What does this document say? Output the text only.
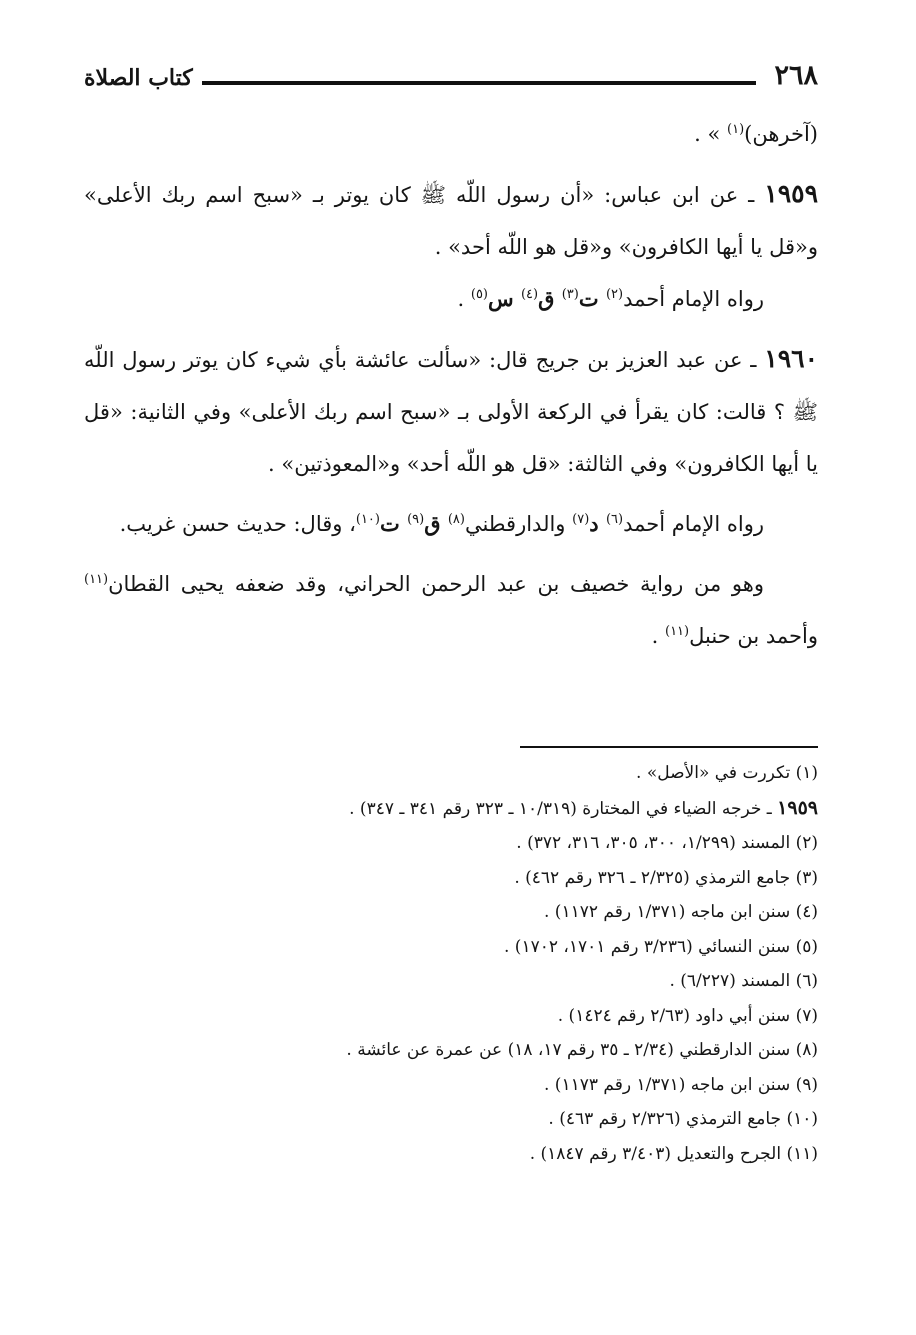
٢٦٨
كتاب الصلاة

(آخرهن)$^{(١)}$ » .

١٩٥٩ ـ عن ابن عباس: «أن رسول اللّه ﷺ كان يوتر بـ «سبح اسم ربك الأعلى» و«قل يا أيها الكافرون» و«قل هو اللّه أحد» .

رواه الإمام أحمد$^{(٢)}$ ت$^{(٣)}$ ق$^{(٤)}$ س$^{(٥)}$ .

١٩٦٠ ـ عن عبد العزيز بن جريج قال: «سألت عائشة بأي شيء كان يوتر رسول اللّه ﷺ ؟ قالت: كان يقرأ في الركعة الأولى بـ «سبح اسم ربك الأعلى» وفي الثانية: «قل يا أيها الكافرون» وفي الثالثة: «قل هو اللّه أحد» و«المعوذتين» .

رواه الإمام أحمد$^{(٦)}$ د$^{(٧)}$ والدارقطني$^{(٨)}$ ق$^{(٩)}$ ت$^{(١٠)}$، وقال: حديث حسن غريب.

وهو من رواية خصيف بن عبد الرحمن الحراني، وقد ضعفه يحيى القطان$^{(١١)}$ وأحمد بن حنبل$^{(١١)}$ .

(١) تكررت في «الأصل» .

١٩٥٩ ـ خرجه الضياء في المختارة (١٠/٣١٩ ـ ٣٢٣ رقم ٣٤١ ـ ٣٤٧) .

(٢) المسند (١/٢٩٩، ٣٠٠، ٣٠٥، ٣١٦، ٣٧٢) .

(٣) جامع الترمذي (٢/٣٢٥ ـ ٣٢٦ رقم ٤٦٢) .

(٤) سنن ابن ماجه (١/٣٧١ رقم ١١٧٢) .

(٥) سنن النسائي (٣/٢٣٦ رقم ١٧٠١، ١٧٠٢) .

(٦) المسند (٦/٢٢٧) .

(٧) سنن أبي داود (٢/٦٣ رقم ١٤٢٤) .

(٨) سنن الدارقطني (٢/٣٤ ـ ٣٥ رقم ١٧، ١٨) عن عمرة عن عائشة .

(٩) سنن ابن ماجه (١/٣٧١ رقم ١١٧٣) .

(١٠) جامع الترمذي (٢/٣٢٦ رقم ٤٦٣) .

(١١) الجرح والتعديل (٣/٤٠٣ رقم ١٨٤٧) .
